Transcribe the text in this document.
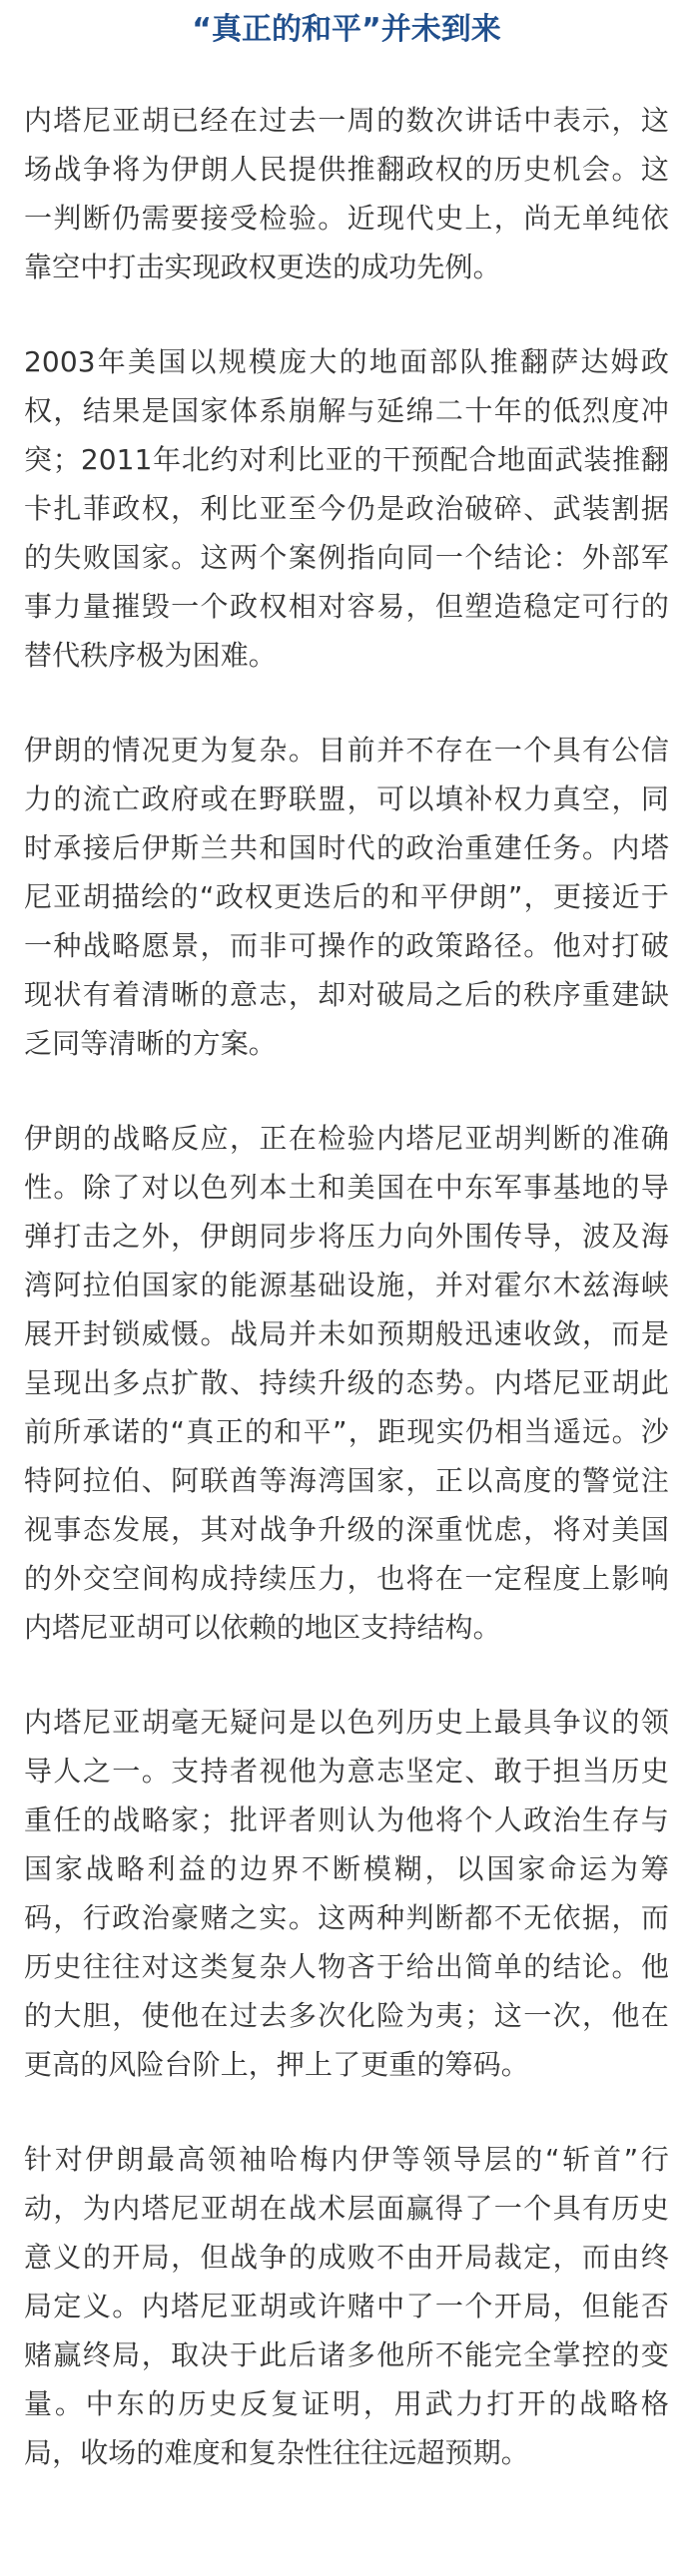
“真正的和平”并未到来

内塔尼亚胡已经在过去一周的数次讲话中表示，这场战争将为伊朗人民提供推翻政权的历史机会。这一判断仍需要接受检验。近现代史上，尚无单纯依靠空中打击实现政权更迭的成功先例。

2003年美国以规模庞大的地面部队推翻萨达姆政权，结果是国家体系崩解与延绵二十年的低烈度冲突；2011年北约对利比亚的干预配合地面武装推翻卡扎菲政权，利比亚至今仍是政治破碎、武装割据的失败国家。这两个案例指向同一个结论：外部军事力量摧毁一个政权相对容易，但塑造稳定可行的替代秩序极为困难。

伊朗的情况更为复杂。目前并不存在一个具有公信力的流亡政府或在野联盟，可以填补权力真空，同时承接后伊斯兰共和国时代的政治重建任务。内塔尼亚胡描绘的“政权更迭后的和平伊朗”，更接近于一种战略愿景，而非可操作的政策路径。他对打破现状有着清晰的意志，却对破局之后的秩序重建缺乏同等清晰的方案。

伊朗的战略反应，正在检验内塔尼亚胡判断的准确性。除了对以色列本土和美国在中东军事基地的导弹打击之外，伊朗同步将压力向外围传导，波及海湾阿拉伯国家的能源基础设施，并对霍尔木兹海峡展开封锁威慑。战局并未如预期般迅速收敛，而是呈现出多点扩散、持续升级的态势。内塔尼亚胡此前所承诺的“真正的和平”，距现实仍相当遥远。沙特阿拉伯、阿联酋等海湾国家，正以高度的警觉注视事态发展，其对战争升级的深重忧虑，将对美国的外交空间构成持续压力，也将在一定程度上影响内塔尼亚胡可以依赖的地区支持结构。

内塔尼亚胡毫无疑问是以色列历史上最具争议的领导人之一。支持者视他为意志坚定、敢于担当历史重任的战略家；批评者则认为他将个人政治生存与国家战略利益的边界不断模糊，以国家命运为筹码，行政治豪赌之实。这两种判断都不无依据，而历史往往对这类复杂人物吝于给出简单的结论。他的大胆，使他在过去多次化险为夷；这一次，他在更高的风险台阶上，押上了更重的筹码。

针对伊朗最高领袖哈梅内伊等领导层的“斩首”行动，为内塔尼亚胡在战术层面赢得了一个具有历史意义的开局，但战争的成败不由开局裁定，而由终局定义。内塔尼亚胡或许赌中了一个开局，但能否赌赢终局，取决于此后诸多他所不能完全掌控的变量。中东的历史反复证明，用武力打开的战略格局，收场的难度和复杂性往往远超预期。
